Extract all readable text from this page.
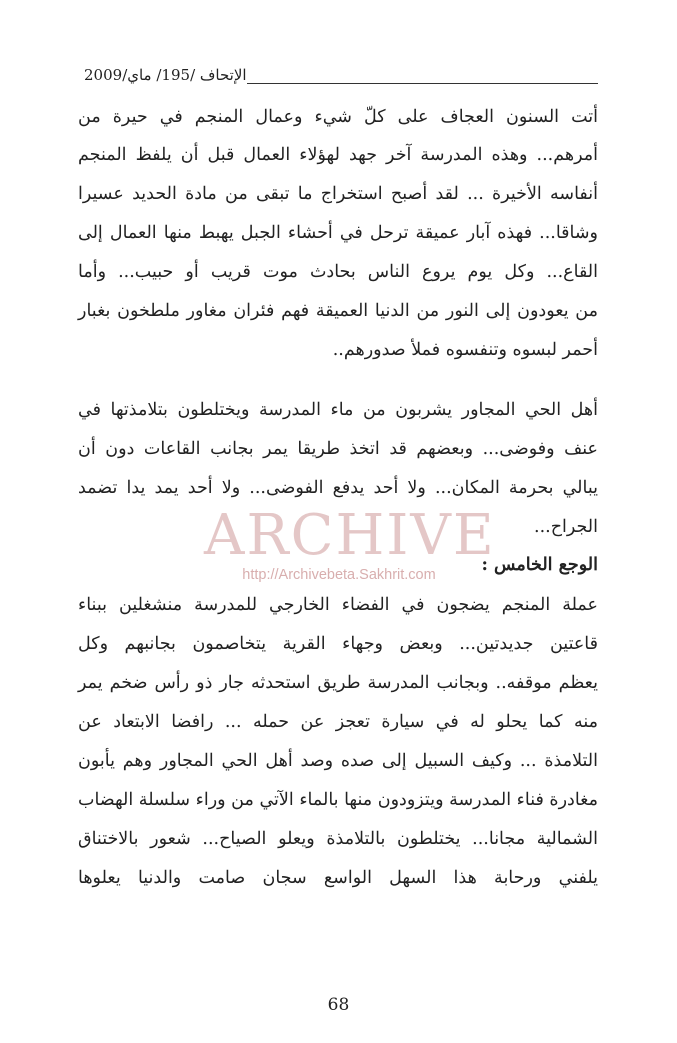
الإتحاف /195/ ماي/2009
أتت السنون العجاف على كلّ شيء وعمال المنجم في حيرة من
أمرهم... وهذه المدرسة آخر جهد لهؤلاء العمال قبل أن يلفظ المنجم
أنفاسه الأخيرة ... لقد أصبح استخراج ما تبقى من مادة الحديد عسيرا
وشاقا... فهذه آبار عميقة ترحل في أحشاء الجبل يهبط منها العمال إلى
القاع... وكل يوم يروع الناس بحادث موت قريب أو حبيب... وأما
من يعودون إلى النور من الدنيا العميقة فهم فئران مغاور ملطخون بغبار
أحمر لبسوه وتنفسوه فملأ صدورهم..
أهل الحي المجاور يشربون من ماء المدرسة ويختلطون بتلامذتها في
عنف وفوضى... وبعضهم قد اتخذ طريقا يمر بجانب القاعات دون أن
يبالي بحرمة المكان... ولا أحد يدفع الفوضى... ولا أحد يمد يدا تضمد
الجراح...
الوجع الخامس :
عملة المنجم يضجون في الفضاء الخارجي للمدرسة منشغلين ببناء
قاعتين جديدتين... وبعض وجهاء القرية يتخاصمون بجانبهم وكل
يعظم موقفه.. وبجانب المدرسة طريق استحدثه جار ذو رأس ضخم يمر
منه كما يحلو له في سيارة تعجز عن حمله ... رافضا الابتعاد عن
التلامذة ... وكيف السبيل إلى صده وصد أهل الحي المجاور وهم يأبون
مغادرة فناء المدرسة ويتزودون منها بالماء الآتي من وراء سلسلة الهضاب
الشمالية مجانا... يختلطون بالتلامذة ويعلو الصياح... شعور بالاختناق
يلفني ورحابة هذا السهل الواسع سجان صامت والدنيا يعلوها
ARCHIVE
http://Archivebeta.Sakhrit.com
68
